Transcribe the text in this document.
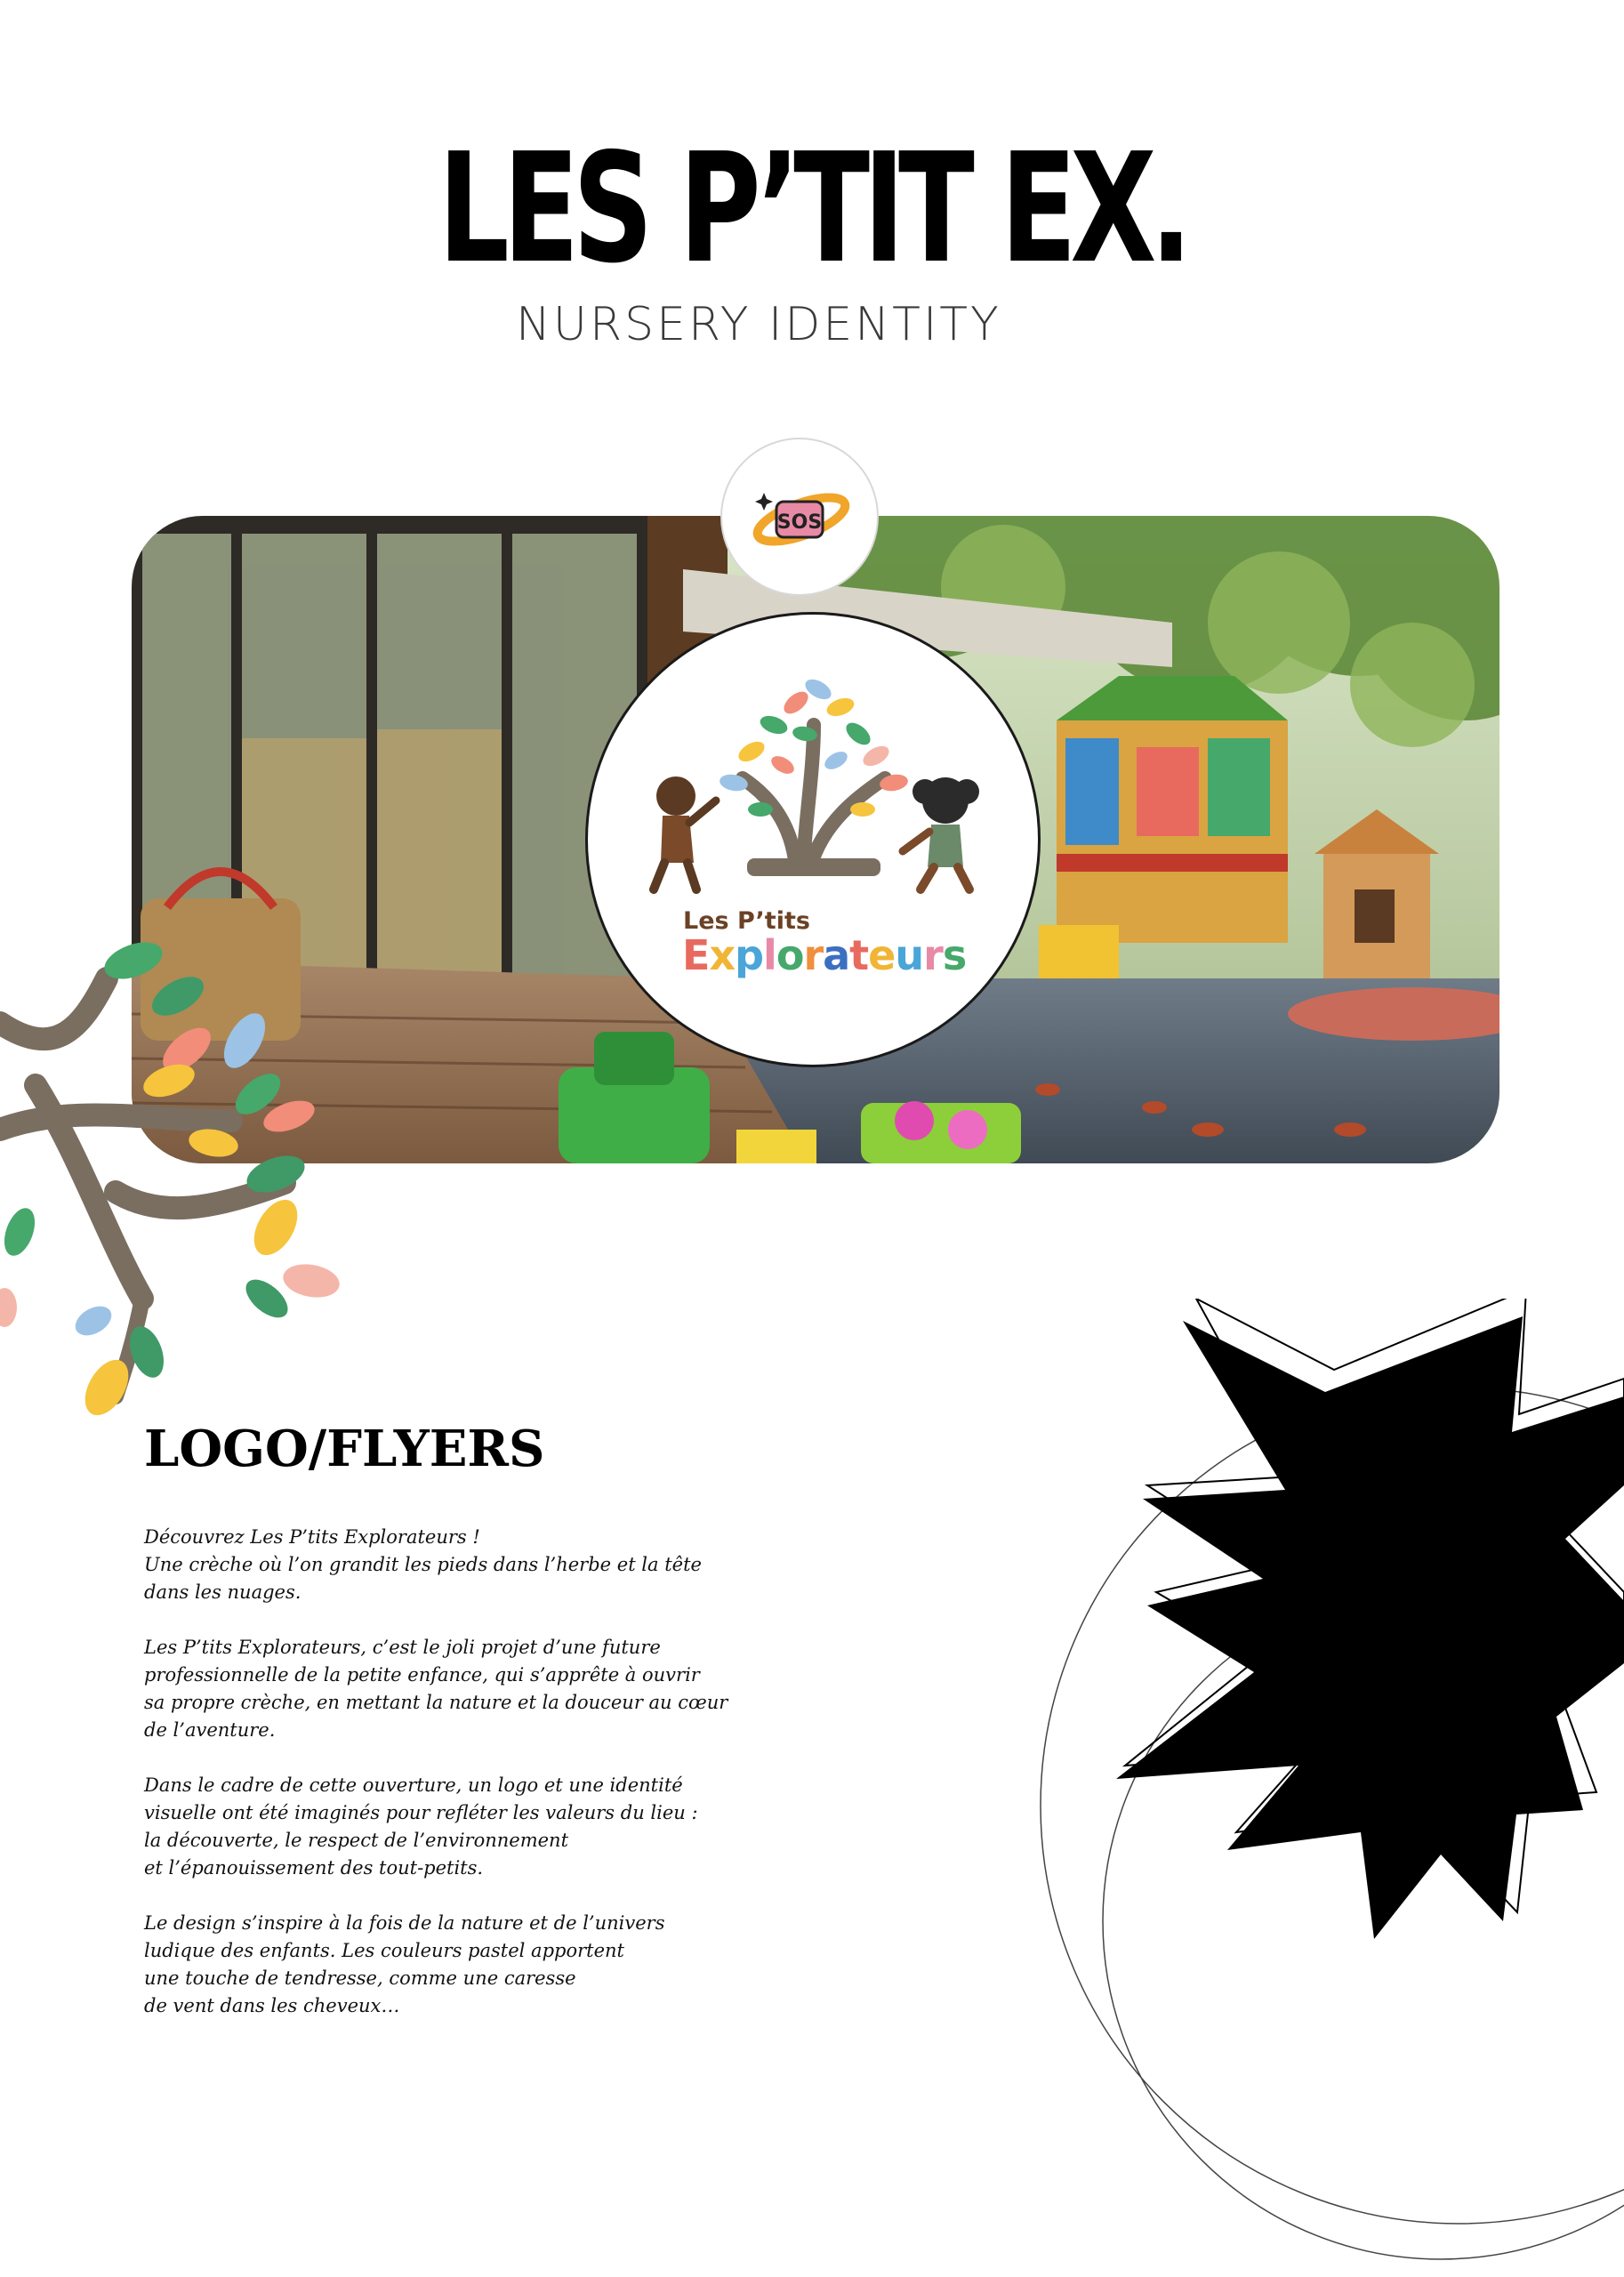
LES P’TIT EX.
NURSERY IDENTITY
SOS
Les P’tits
Explorateurs
LOGO/FLYERS

Découvrez Les P’tits Explorateurs !
Une crèche où l’on grandit les pieds dans l’herbe et la tête
dans les nuages.

Les P’tits Explorateurs, c’est le joli projet d’une future
professionnelle de la petite enfance, qui s’apprête à ouvrir
sa propre crèche, en mettant la nature et la douceur au cœur
de l’aventure.

Dans le cadre de cette ouverture, un logo et une identité
visuelle ont été imaginés pour refléter les valeurs du lieu :
la découverte, le respect de l’environnement
et l’épanouissement des tout-petits.

Le design s’inspire à la fois de la nature et de l’univers
ludique des enfants. Les couleurs pastel apportent
une touche de tendresse, comme une caresse
de vent dans les cheveux…
